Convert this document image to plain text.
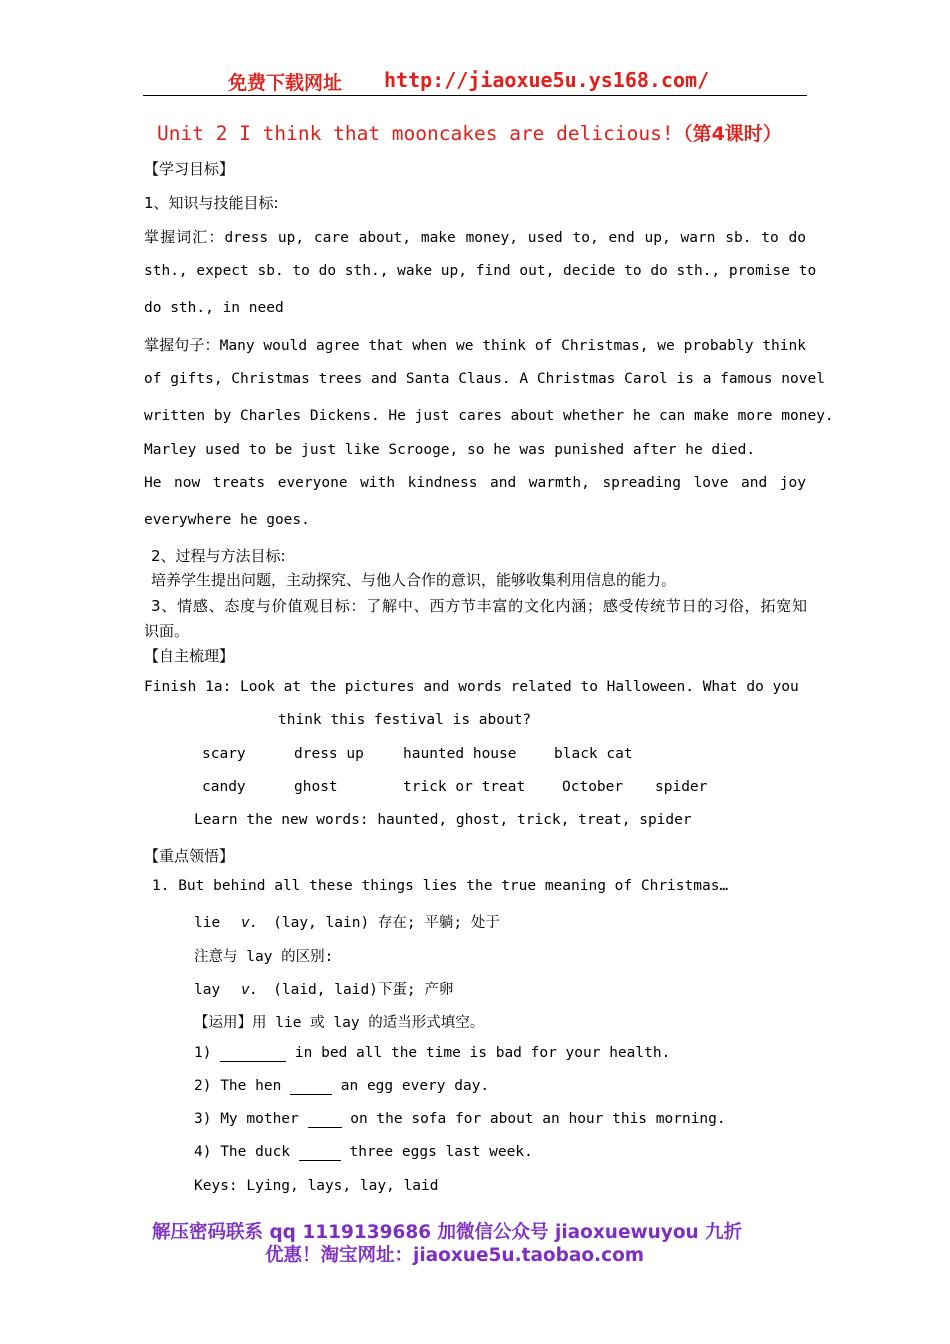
免费下载网址 http://jiaoxue5u.ys168.com/
Unit 2 I think that mooncakes are delicious!（第4课时）
【学习目标】
1、知识与技能目标:
掌握词汇：dress up, care about, make money, used to, end up, warn sb. to do
sth., expect sb. to do sth., wake up, find out, decide to do sth., promise to
do sth., in need
掌握句子：Many would agree that when we think of Christmas, we probably think
of gifts, Christmas trees and Santa Claus. A Christmas Carol is a famous novel
written by Charles Dickens. He just cares about whether he can make more money.
Marley used to be just like Scrooge, so he was punished after he died.
He now treats everyone with kindness and warmth, spreading love and joy
everywhere he goes.
2、过程与方法目标:
培养学生提出问题，主动探究、与他人合作的意识，能够收集利用信息的能力。
3、情感、态度与价值观目标：了解中、西方节丰富的文化内涵；感受传统节日的习俗，拓宽知
识面。
【自主梳理】
Finish 1a: Look at the pictures and words related to Halloween. What do you
think this festival is about?
scary	dress up	haunted house	black cat
candy	ghost	trick or treat	October spider
Learn the new words: haunted, ghost, trick, treat, spider
【重点领悟】
1. But behind all these things lies the true meaning of Christmas…
lie v. (lay, lain) 存在; 平躺; 处于
注意与 lay 的区别:
lay v. (laid, laid)下蛋; 产卵
【运用】用 lie 或 lay 的适当形式填空。
1)	in bed all the time is bad for your health.
2) The hen	an egg every day.
3) My mother   on the sofa for about an hour this morning.
4) The duck	three eggs last week.
Keys: Lying, lays, lay, laid
解压密码联系 qq 1119139686 加微信公众号 jiaoxuewuyou 九折
优惠！淘宝网址：jiaoxue5u.taobao.com
